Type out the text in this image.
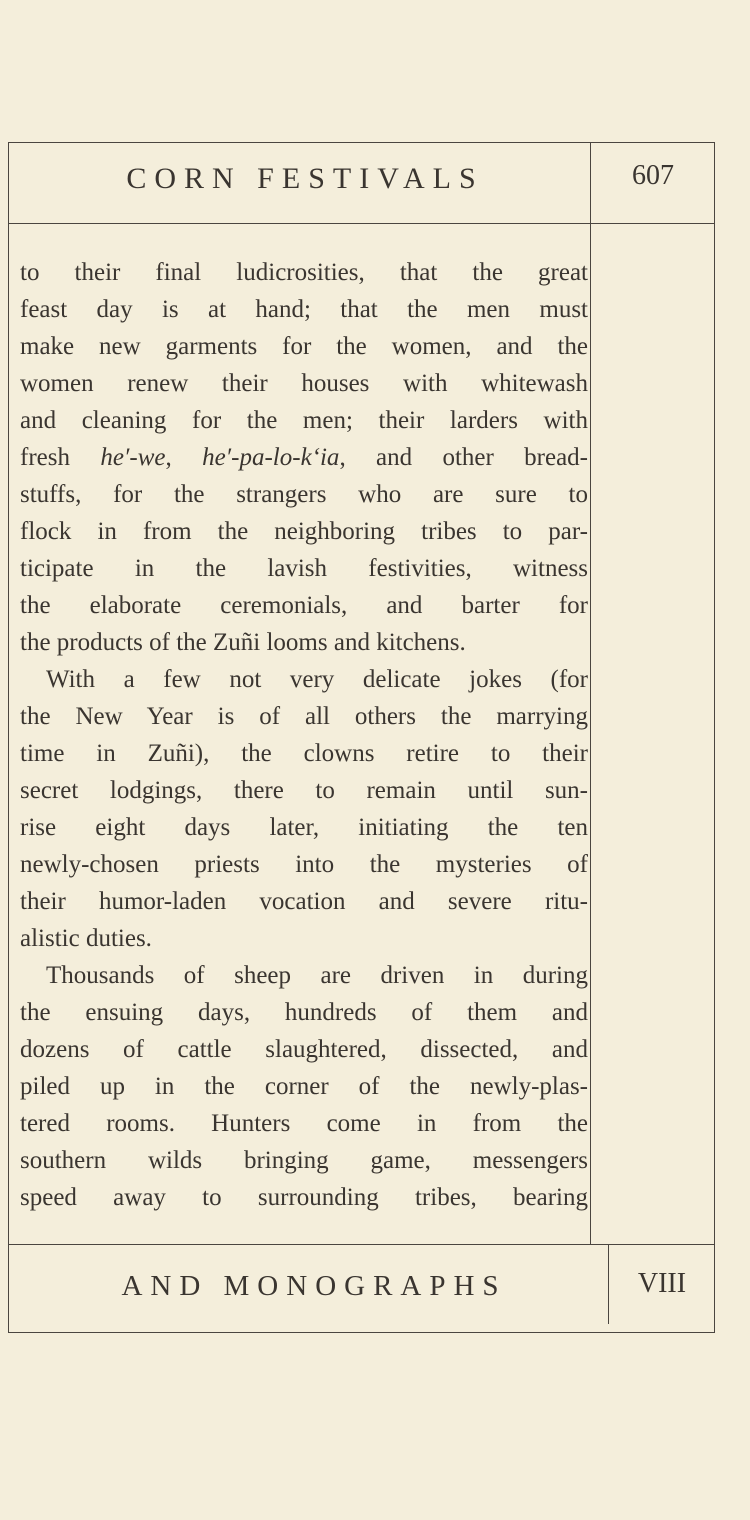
CORN FESTIVALS	607
to their final ludicrosities, that the great
feast day is at hand; that the men must
make new garments for the women, and the
women renew their houses with whitewash
and cleaning for the men; their larders with
fresh he′-we, he′-pa-lo-k‘ia, and other bread-
stuffs, for the strangers who are sure to
flock in from the neighboring tribes to par-
ticipate in the lavish festivities, witness
the elaborate ceremonials, and barter for
the products of the Zuñi looms and kitchens.
With a few not very delicate jokes (for
the New Year is of all others the marrying
time in Zuñi), the clowns retire to their
secret lodgings, there to remain until sun-
rise eight days later, initiating the ten
newly-chosen priests into the mysteries of
their humor-laden vocation and severe ritu-
alistic duties.
Thousands of sheep are driven in during
the ensuing days, hundreds of them and
dozens of cattle slaughtered, dissected, and
piled up in the corner of the newly-plas-
tered rooms. Hunters come in from the
southern wilds bringing game, messengers
speed away to surrounding tribes, bearing
AND MONOGRAPHS	VIII
